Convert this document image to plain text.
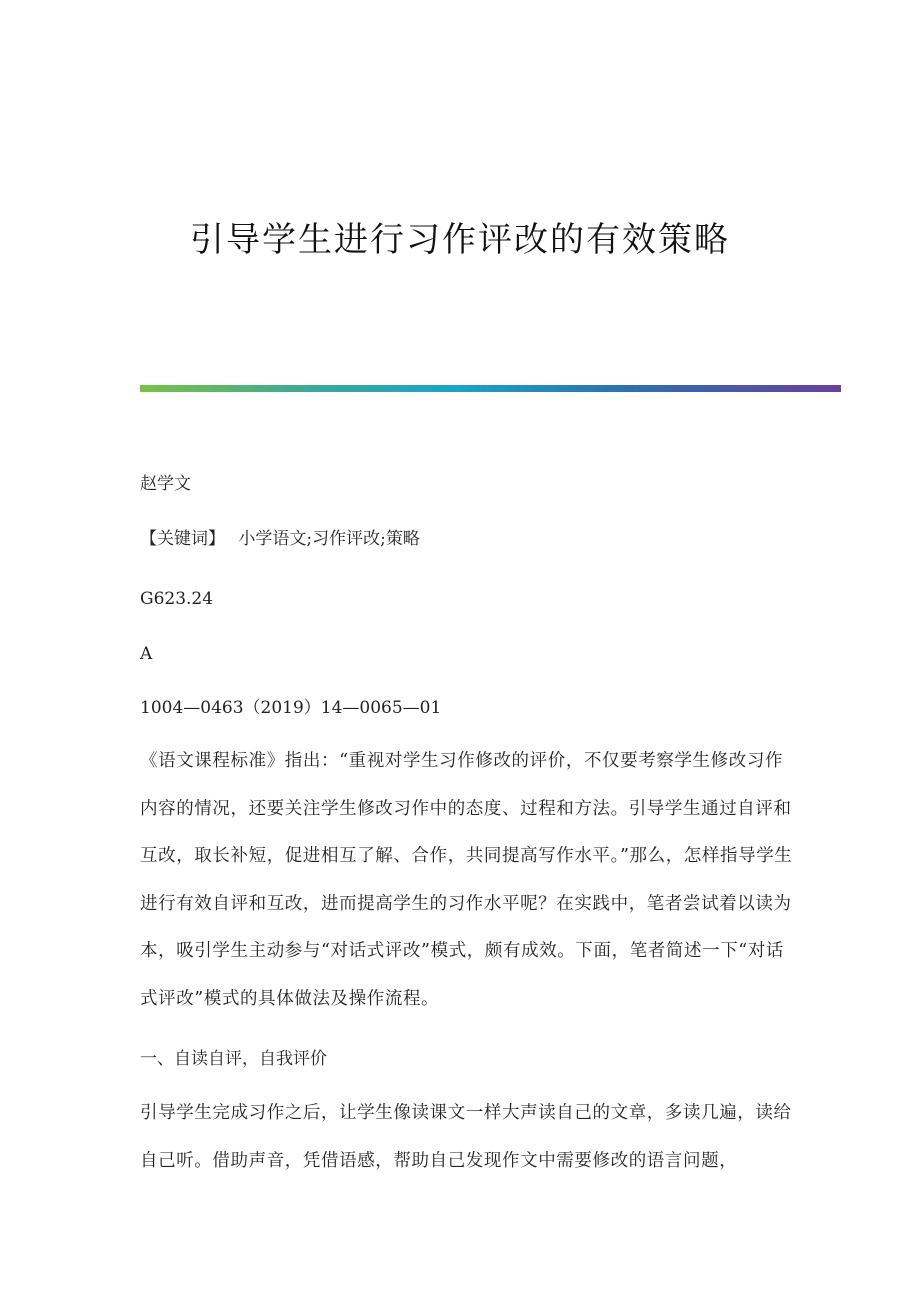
引导学生进行习作评改的有效策略
赵学文
【关键词】 小学语文;习作评改;策略
G623.24
A
1004—0463（2019）14—0065—01

《语文课程标准》指出：“重视对学生习作修改的评价，不仅要考察学生修改习作内容的情况，还要关注学生修改习作中的态度、过程和方法。引导学生通过自评和互改，取长补短，促进相互了解、合作，共同提高写作水平。”那么，怎样指导学生进行有效自评和互改，进而提高学生的习作水平呢？在实践中，笔者尝试着以读为本，吸引学生主动参与“对话式评改”模式，颇有成效。下面，笔者简述一下“对话式评改”模式的具体做法及操作流程。

一、自读自评，自我评价

引导学生完成习作之后，让学生像读课文一样大声读自己的文章，多读几遍，读给自己听。借助声音，凭借语感，帮助自己发现作文中需要修改的语言问题，
